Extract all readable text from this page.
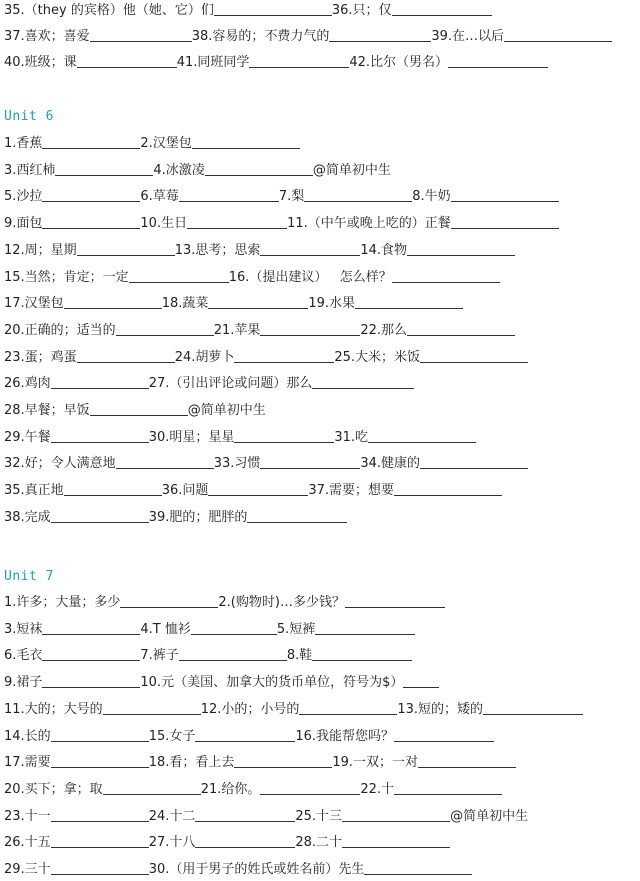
35.（they 的宾格）他（她、它）们	36.只；仅
37.喜欢；喜爱	38.容易的；不费力气的	39.在…以后
40.班级；课	41.同班同学	42.比尔（男名）
Unit 6
1.香蕉	2.汉堡包
3.西红柿	4.冰激凌	@简单初中生
5.沙拉	6.草莓	7.梨	8.牛奶
9.面包	10.生日	11.（中午或晚上吃的）正餐
12.周；星期	13.思考；思索	14.食物
15.当然；肯定；一定	16.（提出建议）   怎么样？
17.汉堡包	18.蔬菜	19.水果
20.正确的；适当的	21.苹果	22.那么
23.蛋；鸡蛋	24.胡萝卜	25.大米；米饭
26.鸡肉	27.（引出评论或问题）那么
28.早餐；早饭	@简单初中生
29.午餐	30.明星；星星	31.吃
32.好；令人满意地	33.习惯	34.健康的
35.真正地	36.问题	37.需要；想要
38.完成	39.肥的；肥胖的
Unit 7
1.许多；大量；多少	2.(购物时)…多少钱？
3.短袜	4.T 恤衫	5.短裤
6.毛衣	7.裤子	8.鞋
9.裙子	10.元（美国、加拿大的货币单位，符号为$）
11.大的；大号的	12.小的；小号的	13.短的；矮的
14.长的	15.女子	16.我能帮您吗？
17.需要	18.看；看上去	19.一双；一对
20.买下；拿；取	21.给你。	22.十
23.十一	24.十二	25.十三	@简单初中生
26.十五	27.十八	28.二十
29.三十	30.（用于男子的姓氏或姓名前）先生
